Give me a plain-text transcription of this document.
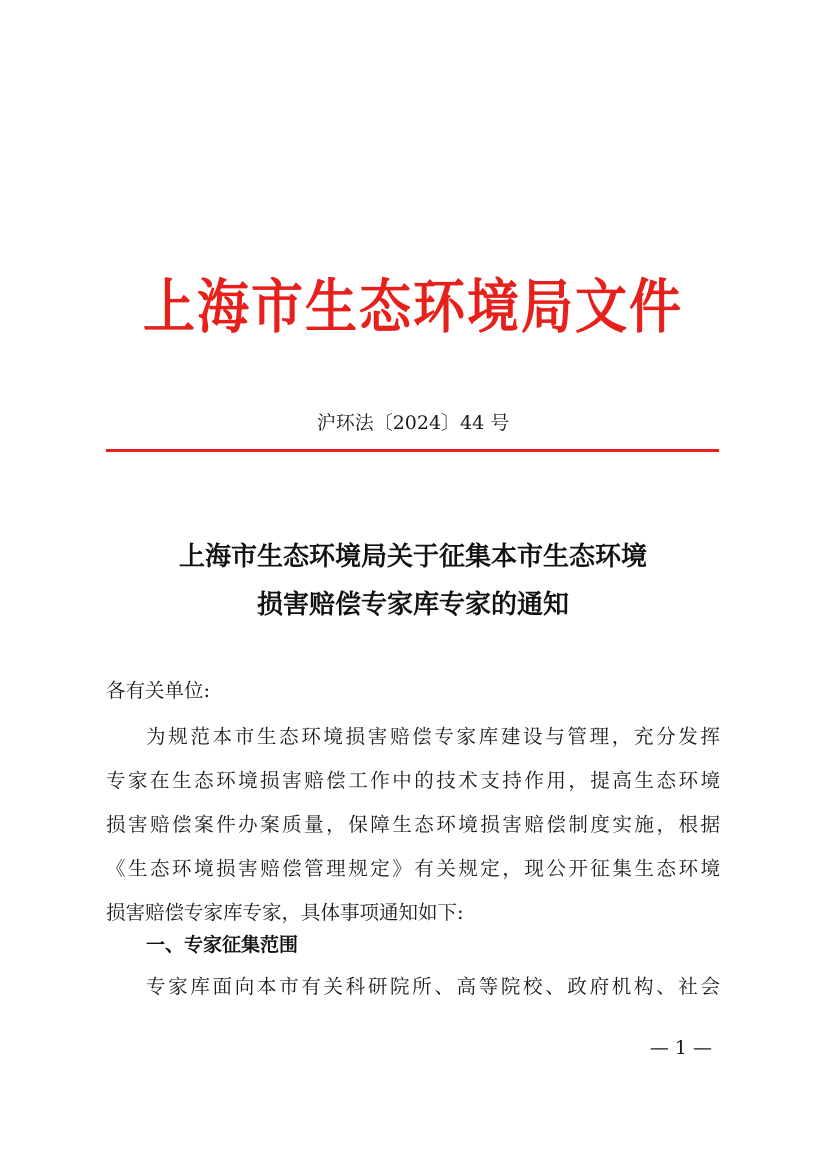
上海市生态环境局文件
沪环法〔2024〕44 号
上海市生态环境局关于征集本市生态环境
损害赔偿专家库专家的通知
各有关单位:
为规范本市生态环境损害赔偿专家库建设与管理，充分发挥
专家在生态环境损害赔偿工作中的技术支持作用，提高生态环境
损害赔偿案件办案质量，保障生态环境损害赔偿制度实施，根据
《生态环境损害赔偿管理规定》有关规定，现公开征集生态环境
损害赔偿专家库专家，具体事项通知如下:
一、专家征集范围
专家库面向本市有关科研院所、高等院校、政府机构、社会
— 1 —
